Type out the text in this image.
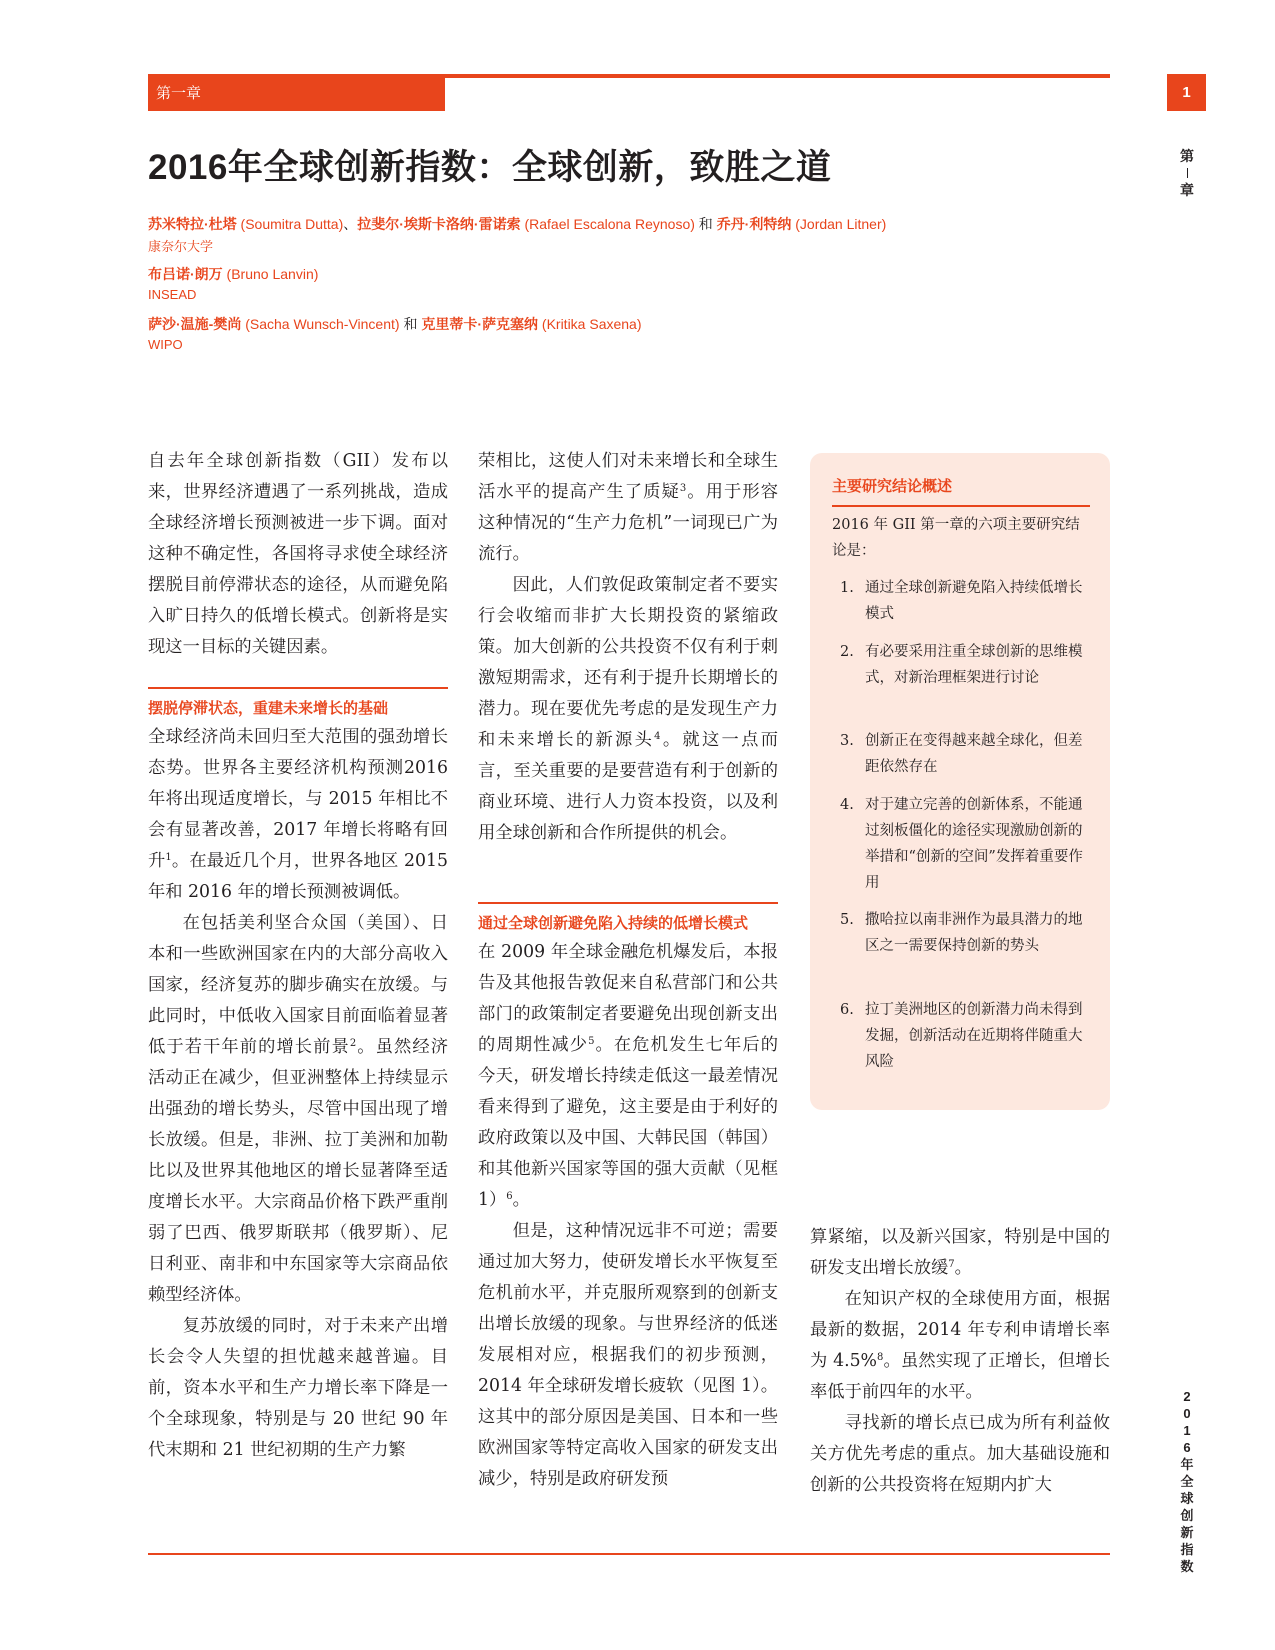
第一章	1
第
章
2
0
1
6
年
全
球
创
新
指
数
2016年全球创新指数：全球创新，致胜之道
苏米特拉·杜塔 (Soumitra Dutta)、拉斐尔·埃斯卡洛纳·雷诺索 (Rafael Escalona Reynoso) 和 乔丹·利特纳 (Jordan Litner)
康奈尔大学
布吕诺·朗万 (Bruno Lanvin)
INSEAD
萨沙·温施-樊尚 (Sacha Wunsch-Vincent) 和 克里蒂卡·萨克塞纳 (Kritika Saxena)
WIPO

自去年全球创新指数（GII）发布以来，世界经济遭遇了一系列挑战，造成全球经济增长预测被进一步下调。面对这种不确定性，各国将寻求使全球经济摆脱目前停滞状态的途径，从而避免陷入旷日持久的低增长模式。创新将是实现这一目标的关键因素。

摆脱停滞状态，重建未来增长的基础

全球经济尚未回归至大范围的强劲增长态势。世界各主要经济机构预测2016 年将出现适度增长，与 2015 年相比不会有显著改善，2017 年增长将略有回升$^1$。在最近几个月，世界各地区 2015 年和 2016 年的增长预测被调低。

在包括美利坚合众国（美国）、日本和一些欧洲国家在内的大部分高收入国家，经济复苏的脚步确实在放缓。与此同时，中低收入国家目前面临着显著低于若干年前的增长前景$^2$。虽然经济活动正在减少，但亚洲整体上持续显示出强劲的增长势头，尽管中国出现了增长放缓。但是，非洲、拉丁美洲和加勒比以及世界其他地区的增长显著降至适度增长水平。大宗商品价格下跌严重削弱了巴西、俄罗斯联邦（俄罗斯）、尼日利亚、南非和中东国家等大宗商品依赖型经济体。

复苏放缓的同时，对于未来产出增长会令人失望的担忧越来越普遍。目前，资本水平和生产力增长率下降是一个全球现象，特别是与 20 世纪 90 年代末期和 21 世纪初期的生产力繁

荣相比，这使人们对未来增长和全球生活水平的提高产生了质疑$^3$。用于形容这种情况的“生产力危机”一词现已广为流行。

因此，人们敦促政策制定者不要实行会收缩而非扩大长期投资的紧缩政策。加大创新的公共投资不仅有利于刺激短期需求，还有利于提升长期增长的潜力。现在要优先考虑的是发现生产力和未来增长的新源头$^4$。就这一点而言，至关重要的是要营造有利于创新的商业环境、进行人力资本投资，以及利用全球创新和合作所提供的机会。

通过全球创新避免陷入持续的低增长模式

在 2009 年全球金融危机爆发后，本报告及其他报告敦促来自私营部门和公共部门的政策制定者要避免出现创新支出的周期性减少$^5$。在危机发生七年后的今天，研发增长持续走低这一最差情况看来得到了避免，这主要是由于利好的政府政策以及中国、大韩民国（韩国）和其他新兴国家等国的强大贡献（见框 1）$^6$。

但是，这种情况远非不可逆；需要通过加大努力，使研发增长水平恢复至危机前水平，并克服所观察到的创新支出增长放缓的现象。与世界经济的低迷发展相对应，根据我们的初步预测，2014 年全球研发增长疲软（见图 1）。这其中的部分原因是美国、日本和一些欧洲国家等特定高收入国家的研发支出减少，特别是政府研发预

主要研究结论概述
2016 年 GII 第一章的六项主要研究结论是：
1. 通过全球创新避免陷入持续低增长模式
2. 有必要采用注重全球创新的思维模式，对新治理框架进行讨论
3. 创新正在变得越来越全球化，但差距依然存在
4. 对于建立完善的创新体系，不能通过刻板僵化的途径实现激励创新的举措和“创新的空间”发挥着重要作用
5. 撒哈拉以南非洲作为最具潜力的地区之一需要保持创新的势头
6. 拉丁美洲地区的创新潜力尚未得到发掘，创新活动在近期将伴随重大风险

算紧缩，以及新兴国家，特别是中国的研发支出增长放缓$^7$。

在知识产权的全球使用方面，根据最新的数据，2014 年专利申请增长率为 4.5%$^8$。虽然实现了正增长，但增长率低于前四年的水平。

寻找新的增长点已成为所有利益攸关方优先考虑的重点。加大基础设施和创新的公共投资将在短期内扩大
